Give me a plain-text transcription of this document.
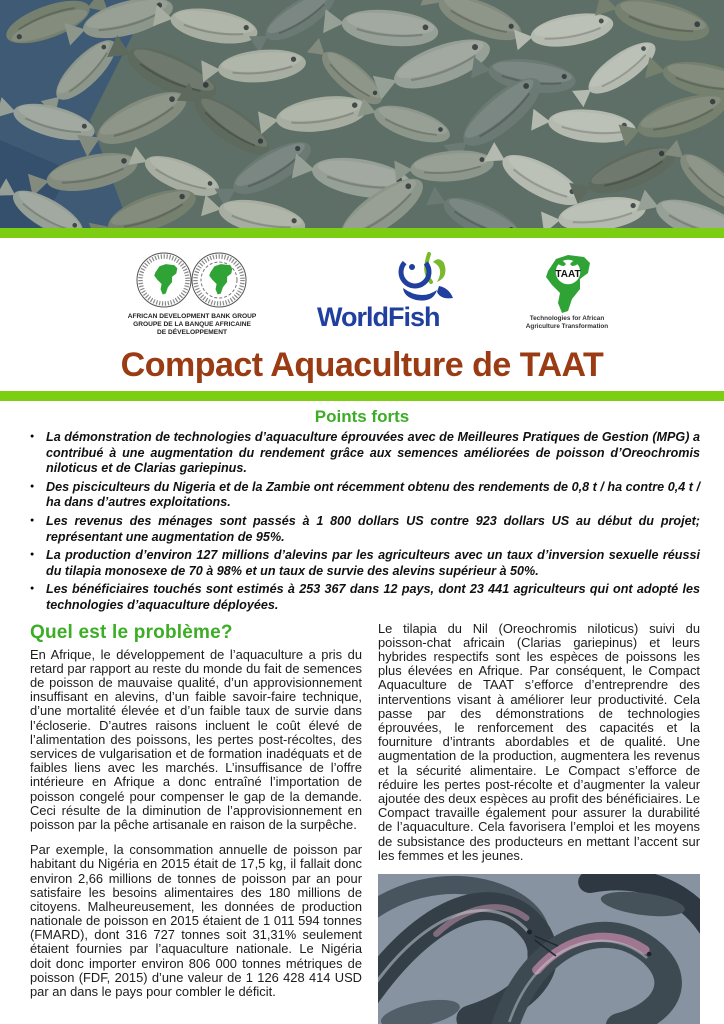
AFRICAN DEVELOPMENT BANK GROUP
GROUPE DE LA BANQUE AFRICAINE
DE DÉVELOPPEMENT
WorldFish
TAAT
Technologies for African
Agriculture Transformation
Compact Aquaculture de TAAT
Points forts
● La démonstration de technologies d’aquaculture éprouvées avec de Meilleures Pratiques de Gestion (MPG) a contribué à une augmentation du rendement grâce aux semences améliorées de poisson d’Oreochromis niloticus et de Clarias gariepinus.
● Des pisciculteurs du Nigeria et de la Zambie ont récemment obtenu des rendements de 0,8 t / ha contre 0,4 t / ha dans d’autres exploitations.
● Les revenus des ménages sont passés à 1 800 dollars US contre 923 dollars US au début du projet; représentant une augmentation de 95%.
● La production d’environ 127 millions d’alevins par les agriculteurs avec un taux d’inversion sexuelle réussi du tilapia monosexe de 70 à 98% et un taux de survie des alevins supérieur à 50%.
● Les bénéficiaires touchés sont estimés à 253 367 dans 12 pays, dont 23 441 agriculteurs qui ont adopté les technologies d’aquaculture déployées.
Quel est le problème?

En Afrique, le développement de l’aquaculture a pris du retard par rapport au reste du monde du fait de semences de poisson de mauvaise qualité, d’un approvisionnement insuffisant en alevins, d’un faible savoir-faire technique, d’une mortalité élevée et d’un faible taux de survie dans l’écloserie. D’autres raisons incluent le coût élevé de l’alimentation des poissons, les pertes post-récoltes, des services de vulgarisation et de formation inadéquats et de faibles liens avec les marchés. L’insuffisance de l’offre intérieure en Afrique a donc entraîné l’importation de poisson congelé pour compenser le gap de la demande. Ceci résulte de la diminution de l’approvisionnement en poisson par la pêche artisanale en raison de la surpêche.

Par exemple, la consommation annuelle de poisson par habitant du Nigéria en 2015 était de 17,5 kg, il fallait donc environ 2,66 millions de tonnes de poisson par an pour satisfaire les besoins alimentaires des 180 millions de citoyens. Malheureusement, les données de production nationale de poisson en 2015 étaient de 1 011 594 tonnes (FMARD), dont 316 727 tonnes soit 31,31% seulement étaient fournies par l’aquaculture nationale. Le Nigéria doit donc importer environ 806 000 tonnes métriques de poisson (FDF, 2015) d’une valeur de 1 126 428 414 USD par an dans le pays pour combler le déficit.

Le tilapia du Nil (Oreochromis niloticus) suivi du poisson-chat africain (Clarias gariepinus) et leurs hybrides respectifs sont les espèces de poissons les plus élevées en Afrique. Par conséquent, le Compact Aquaculture de TAAT s’efforce d’entreprendre des interventions visant à améliorer leur productivité. Cela passe par des démonstrations de technologies éprouvées, le renforcement des capacités et la fourniture d’intrants abordables et de qualité. Une augmentation de la production, augmentera les revenus et la sécurité alimentaire. Le Compact s’efforce de réduire les pertes post-récolte et d’augmenter la valeur ajoutée des deux espèces au profit des bénéficiaires. Le Compact travaille également pour assurer la durabilité de l’aquaculture. Cela favorisera l’emploi et les moyens de subsistance des producteurs en mettant l’accent sur les femmes et les jeunes.
